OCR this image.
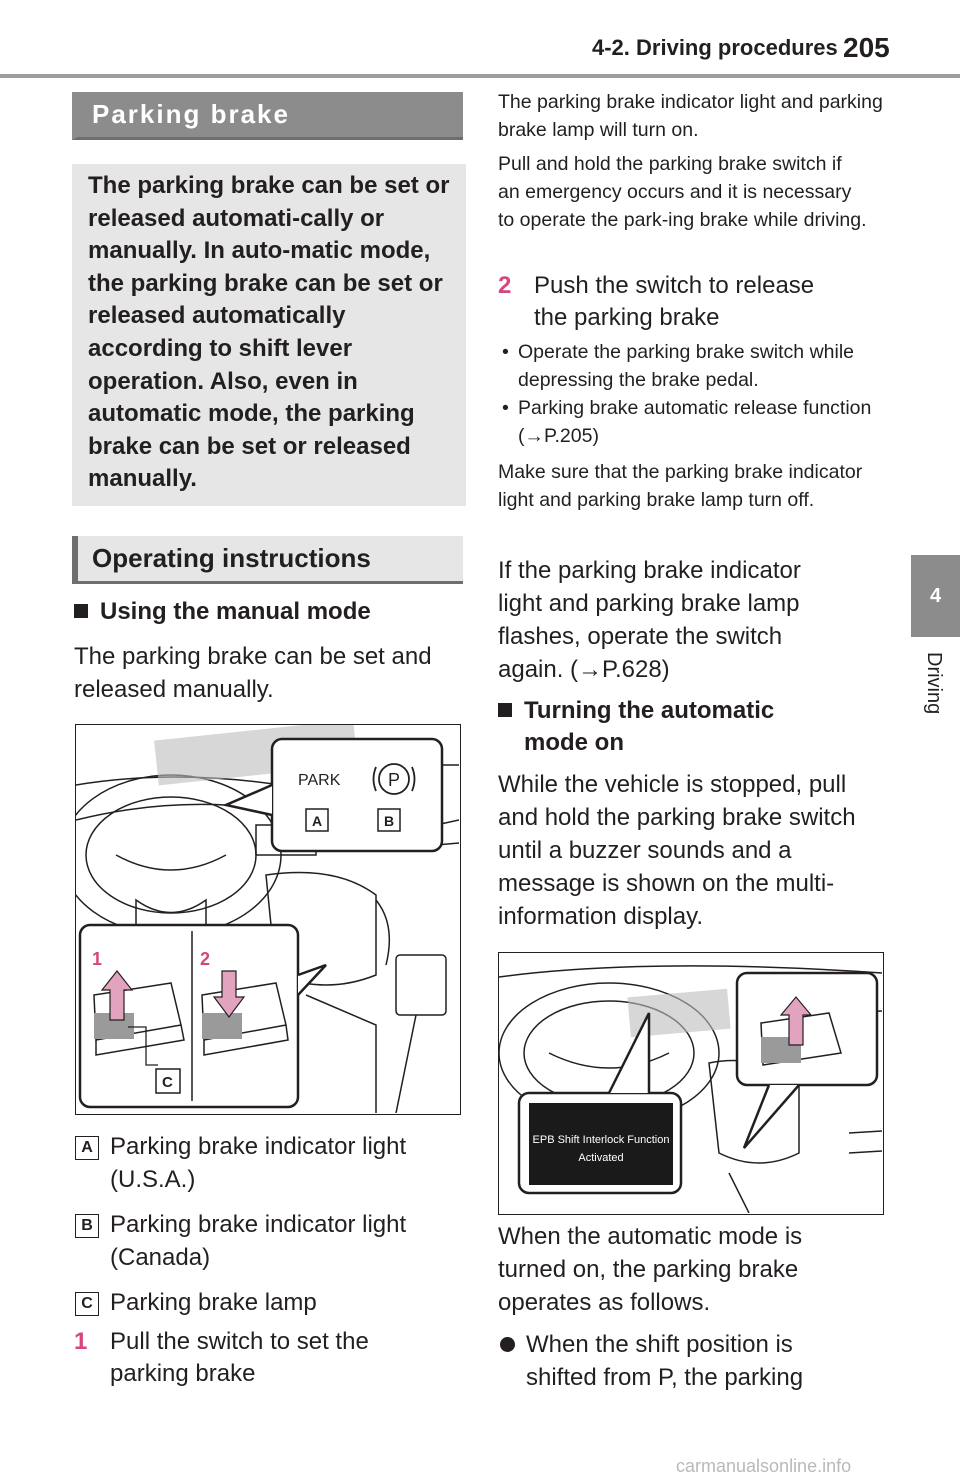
4-2. Driving procedures 205
4
Driving
Parking brake
The parking brake can be set or released automati-cally or manually. In auto-matic mode, the parking brake can be set or released automatically according to shift lever operation. Also, even in automatic mode, the parking brake can be set or released manually.
Operating instructions
Using the manual mode
The parking brake can be set and released manually.
PARK	P
A	B
1	2
C
A Parking brake indicator light (U.S.A.)
B Parking brake indicator light (Canada)
C Parking brake lamp
1 Pull the switch to set the
parking brake
The parking brake indicator light and parking brake lamp will turn on.
Pull and hold the parking brake switch if an emergency occurs and it is necessary to operate the park-ing brake while driving.
2 Push the switch to release
the parking brake
• Operate the parking brake switch while depressing the brake pedal.
• Parking brake automatic release function (→P.205)
Make sure that the parking brake indicator light and parking brake lamp turn off.
If the parking brake indicator light and parking brake lamp flashes, operate the switch again. (→P.628)
Turning the automatic
mode on
While the vehicle is stopped, pull and hold the parking brake switch until a buzzer sounds and a message is shown on the multi-information display.
EPB Shift Interlock Function
Activated
When the automatic mode is turned on, the parking brake operates as follows.
When the shift position is shifted from P, the parking
carmanualsonline.info
